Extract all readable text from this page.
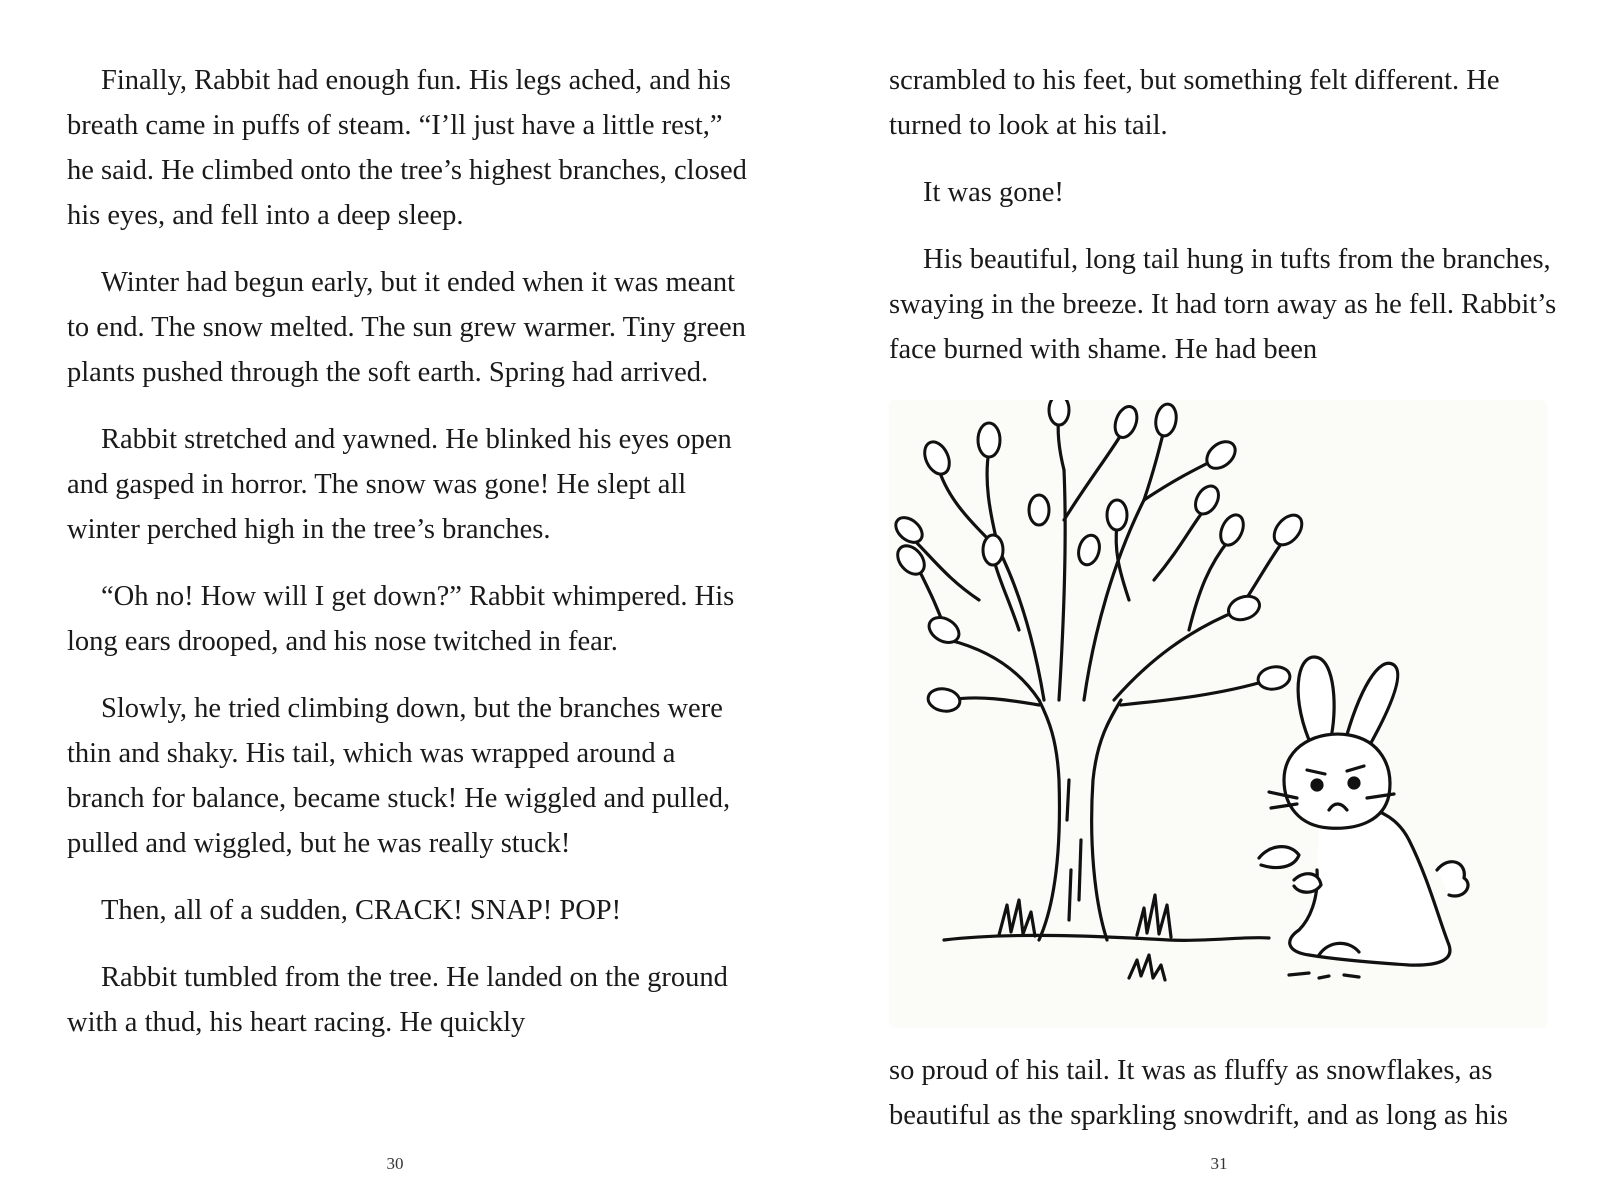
Finally, Rabbit had enough fun. His legs ached, and his breath came in puffs of steam. “I’ll just have a little rest,” he said. He climbed onto the tree’s highest branches, closed his eyes, and fell into a deep sleep.

Winter had begun early, but it ended when it was meant to end. The snow melted. The sun grew warmer. Tiny green plants pushed through the soft earth. Spring had arrived.

Rabbit stretched and yawned. He blinked his eyes open and gasped in horror. The snow was gone! He slept all winter perched high in the tree’s branches.

“Oh no! How will I get down?” Rabbit whimpered. His long ears drooped, and his nose twitched in fear.

Slowly, he tried climbing down, but the branches were thin and shaky. His tail, which was wrapped around a branch for balance, became stuck! He wiggled and pulled, pulled and wiggled, but he was really stuck!

Then, all of a sudden, CRACK! SNAP! POP!

Rabbit tumbled from the tree. He landed on the ground with a thud, his heart racing. He quickly

30

scrambled to his feet, but something felt different. He turned to look at his tail.

It was gone!

His beautiful, long tail hung in tufts from the branches, swaying in the breeze. It had torn away as he fell. Rabbit’s face burned with shame. He had been

so proud of his tail. It was as fluffy as snowflakes, as beautiful as the sparkling snowdrift, and as long as his

31
